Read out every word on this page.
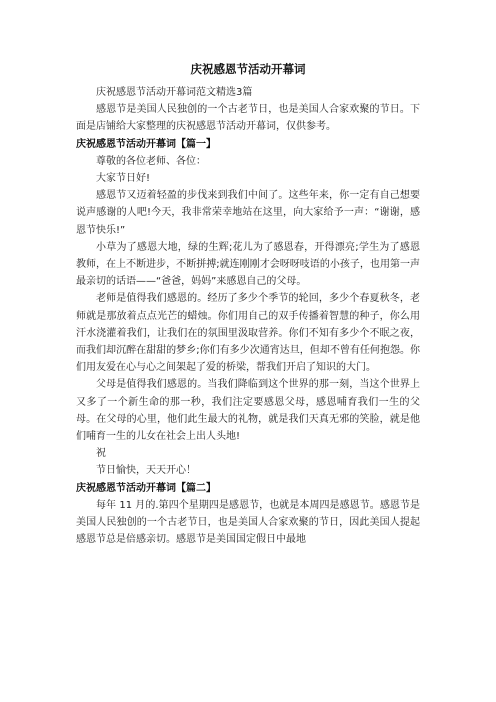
庆祝感恩节活动开幕词

庆祝感恩节活动开幕词范文精选3篇

感恩节是美国人民独创的一个古老节日，也是美国人合家欢聚的节日。下面是店铺给大家整理的庆祝感恩节活动开幕词，仅供参考。

庆祝感恩节活动开幕词【篇一】

尊敬的各位老师、各位：

大家节日好!

感恩节又迈着轻盈的步伐来到我们中间了。这些年来，你一定有自己想要说声感谢的人吧!今天，我非常荣幸地站在这里，向大家给予一声：“谢谢，感恩节快乐!”

小草为了感恩大地，绿的生辉;花儿为了感恩春，开得漂亮;学生为了感恩教师，在上不断进步，不断拼搏;就连刚刚才会呀呀吱语的小孩子，也用第一声最亲切的话语——“爸爸，妈妈”来感恩自己的父母。

老师是值得我们感恩的。经历了多少个季节的轮回，多少个春夏秋冬，老师就是那放着点点光芒的蜡烛。你们用自己的双手传播着智慧的种子，你么用汗水浇灌着我们，让我们在的氛围里汲取营养。你们不知有多少个不眠之夜，而我们却沉醉在甜甜的梦乡;你们有多少次通宵达旦，但却不曾有任何抱怨。你们用友爱在心与心之间架起了爱的桥梁，帮我们开启了知识的大门。

父母是值得我们感恩的。当我们降临到这个世界的那一刻，当这个世界上又多了一个新生命的那一秒，我们注定要感恩父母，感恩哺育我们一生的父母。在父母的心里，他们此生最大的礼物，就是我们天真无邪的笑脸，就是他们哺育一生的儿女在社会上出人头地!

祝

节日愉快，天天开心！

庆祝感恩节活动开幕词【篇二】

每年 11 月的.第四个星期四是感恩节，也就是本周四是感恩节。感恩节是美国人民独创的一个古老节日，也是美国人合家欢聚的节日，因此美国人提起感恩节总是倍感亲切。感恩节是美国国定假日中最地
